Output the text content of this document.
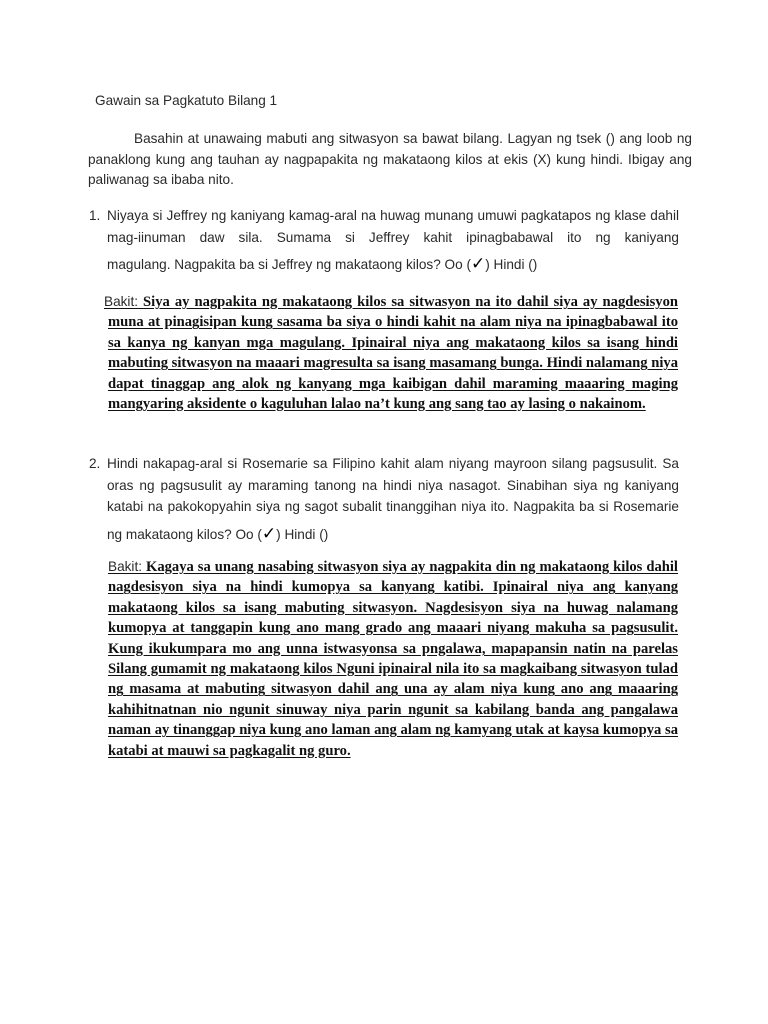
Gawain sa Pagkatuto Bilang 1
Basahin at unawaing mabuti ang sitwasyon sa bawat bilang. Lagyan ng tsek () ang loob ng panaklong kung ang tauhan ay nagpapakita ng makataong kilos at ekis (X) kung hindi. Ibigay ang paliwanag sa ibaba nito.
1. Niyaya si Jeffrey ng kaniyang kamag-aral na huwag munang umuwi pagkatapos ng klase dahil mag-iinuman daw sila. Sumama si Jeffrey kahit ipinagbabawal ito ng kaniyang magulang. Nagpakita ba si Jeffrey ng makataong kilos? Oo (✓) Hindi ()
Bakit: Siya ay nagpakita ng makataong kilos sa sitwasyon na ito dahil siya ay nagdesisyon muna at pinagisipan kung sasama ba siya o hindi kahit na alam niya na ipinagbabawal ito sa kanya ng kanyan mga magulang. Ipinairal niya ang makataong kilos sa isang hindi mabuting sitwasyon na maaari magresulta sa isang masamang bunga. Hindi nalamang niya dapat tinaggap ang alok ng kanyang mga kaibigan dahil maraming maaaring maging mangyaring aksidente o kaguluhan lalao na’t kung ang sang tao ay lasing o nakainom.
2. Hindi nakapag-aral si Rosemarie sa Filipino kahit alam niyang mayroon silang pagsusulit. Sa oras ng pagsusulit ay maraming tanong na hindi niya nasagot. Sinabihan siya ng kaniyang katabi na pakokopyahin siya ng sagot subalit tinanggihan niya ito. Nagpakita ba si Rosemarie ng makataong kilos? Oo (✓) Hindi ()
Bakit: Kagaya sa unang nasabing sitwasyon siya ay nagpakita din ng makataong kilos dahil nagdesisyon siya na hindi kumopya sa kanyang katibi. Ipinairal niya ang kanyang makataong kilos sa isang mabuting sitwasyon. Nagdesisyon siya na huwag nalamang kumopya at tanggapin kung ano mang grado ang maaari niyang makuha sa pagsusulit. Kung ikukumpara mo ang unna istwasyonsa sa pngalawa, mapapansin natin na parelas Silang gumamit ng makataong kilos Nguni ipinairal nila ito sa magkaibang sitwasyon tulad ng masama at mabuting sitwasyon dahil ang una ay alam niya kung ano ang maaaring kahihitnatnan nio ngunit sinuway niya parin ngunit sa kabilang banda ang pangalawa naman ay tinanggap niya kung ano laman ang alam ng kamyang utak at kaysa kumopya sa katabi at mauwi sa pagkagalit ng guro.
